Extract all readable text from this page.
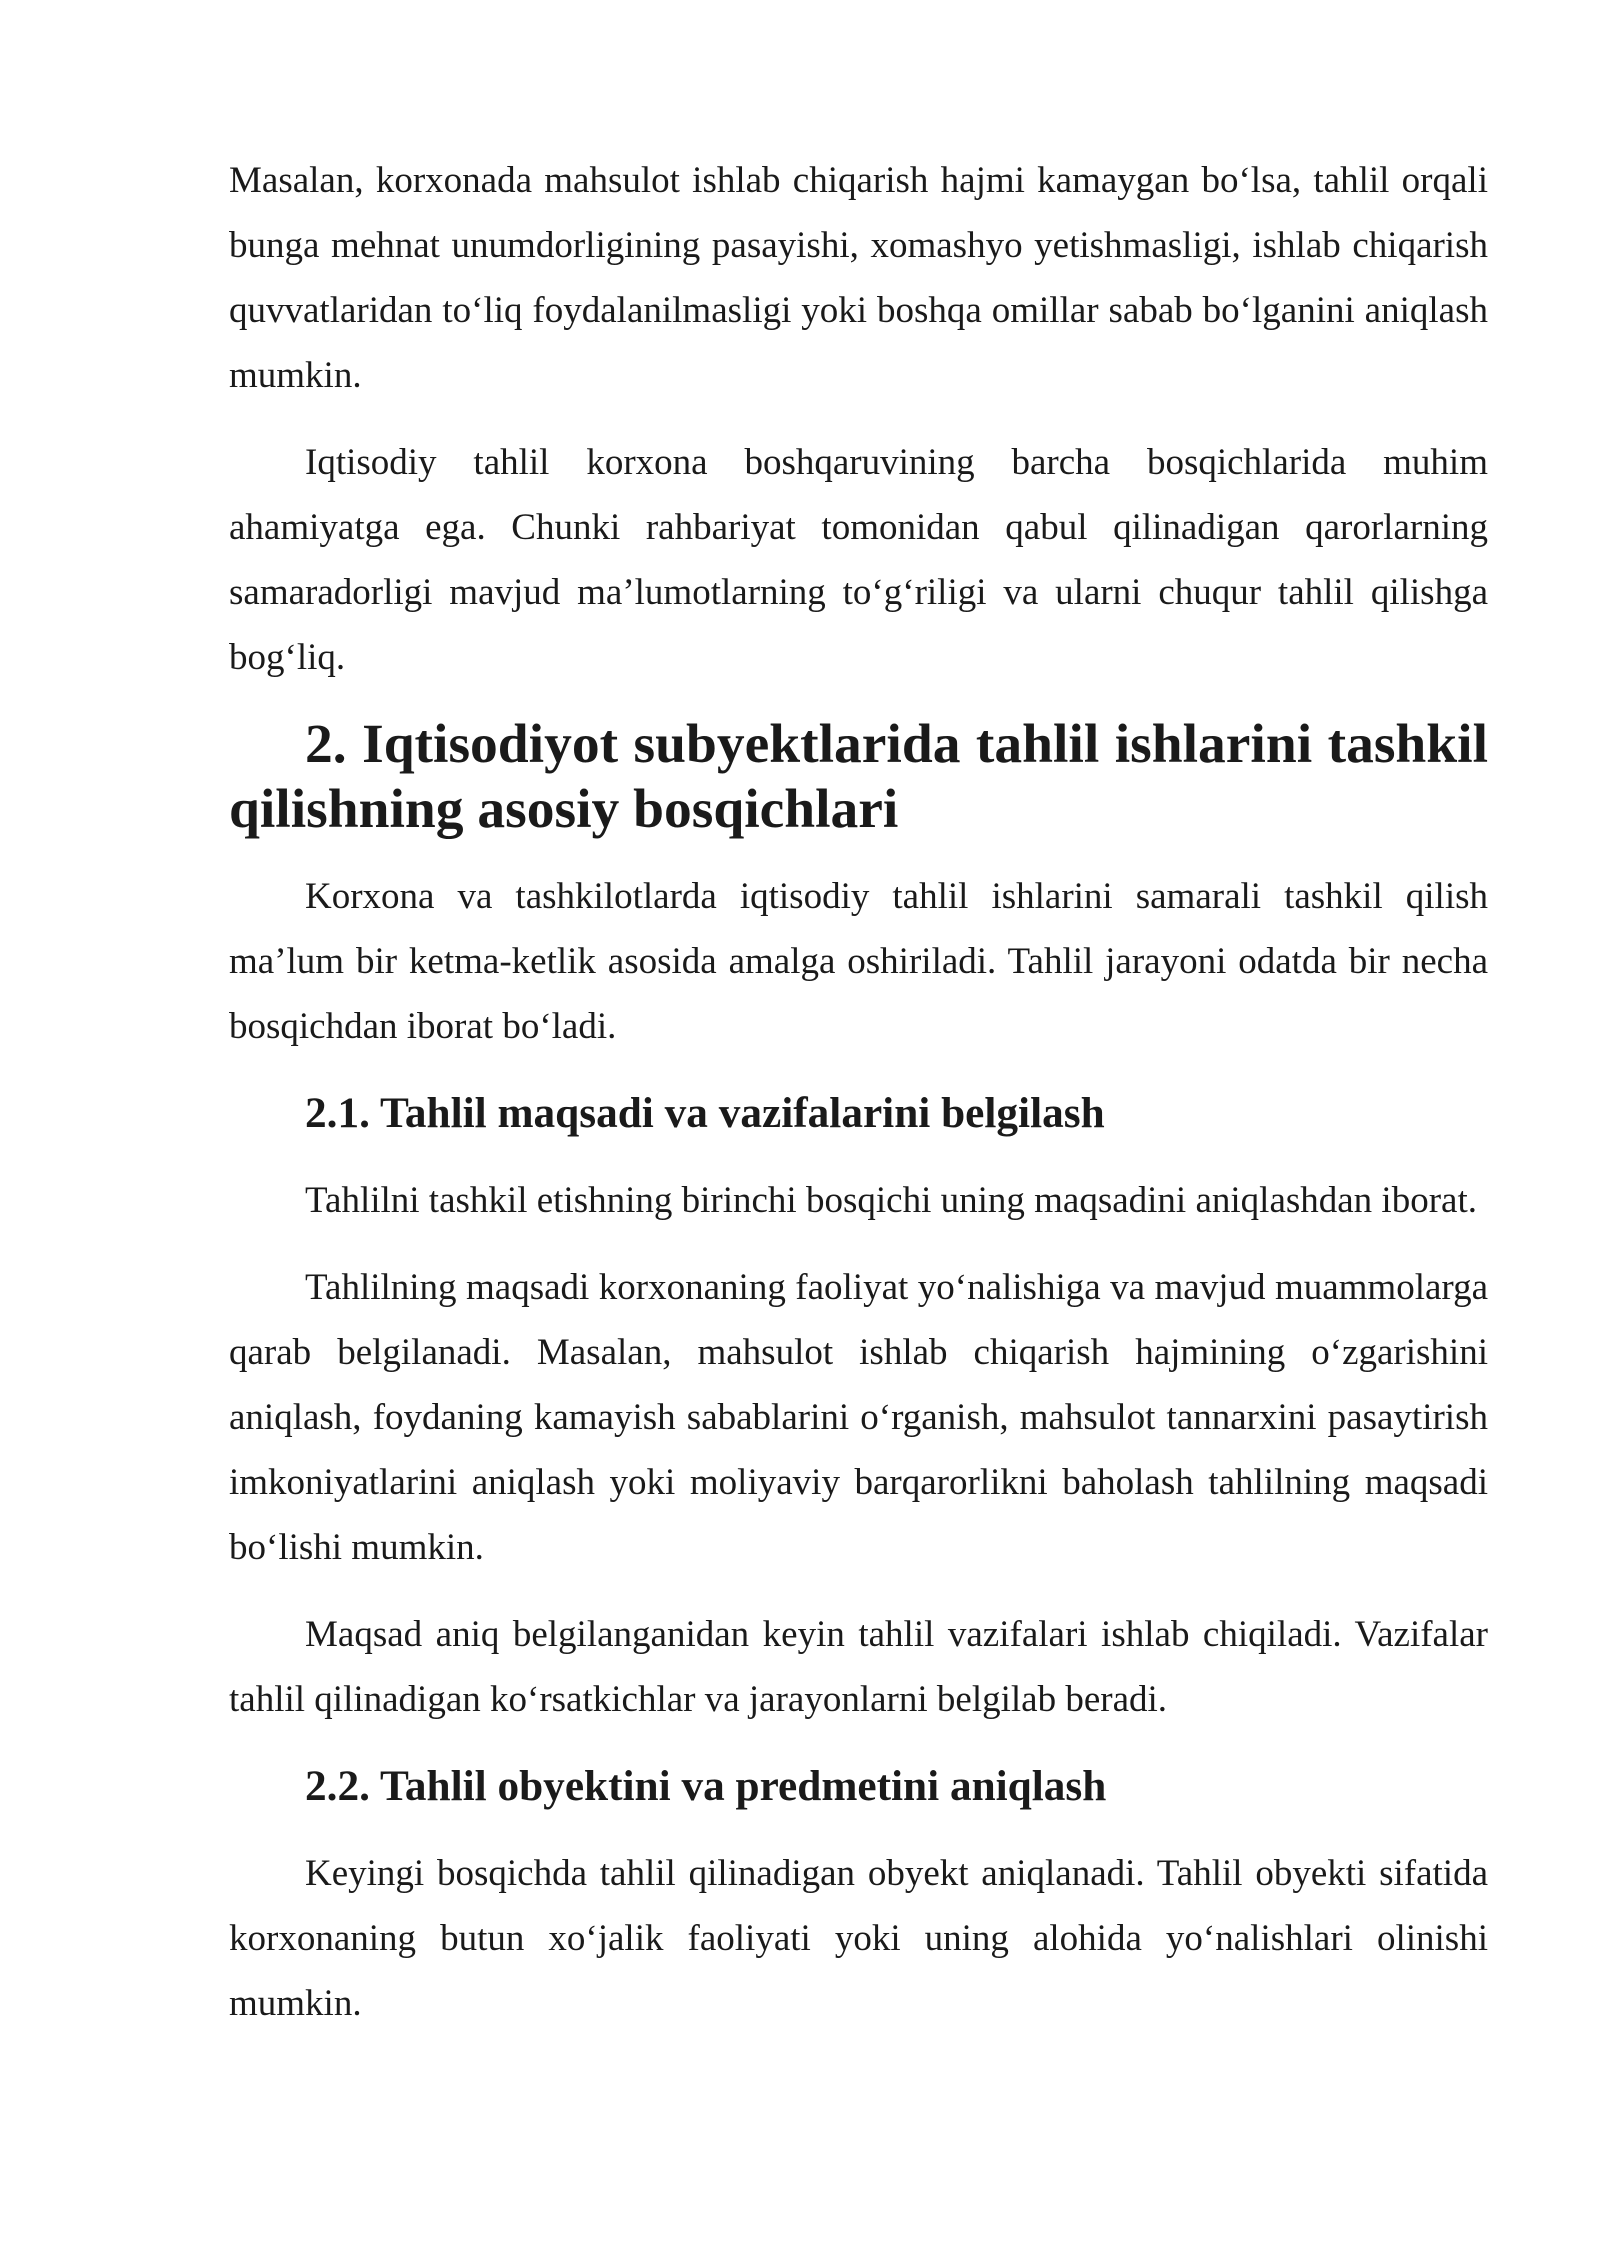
Masalan, korxonada mahsulot ishlab chiqarish hajmi kamaygan bo‘lsa, tahlil orqali bunga mehnat unumdorligining pasayishi, xomashyo yetishmasligi, ishlab chiqarish quvvatlaridan to‘liq foydalanilmasligi yoki boshqa omillar sabab bo‘lganini aniqlash mumkin.

Iqtisodiy tahlil korxona boshqaruvining barcha bosqichlarida muhim ahamiyatga ega. Chunki rahbariyat tomonidan qabul qilinadigan qarorlarning samaradorligi mavjud ma’lumotlarning to‘g‘riligi va ularni chuqur tahlil qilishga bog‘liq.

2. Iqtisodiyot subyektlarida tahlil ishlarini tashkil qilishning asosiy bosqichlari

Korxona va tashkilotlarda iqtisodiy tahlil ishlarini samarali tashkil qilish ma’lum bir ketma-ketlik asosida amalga oshiriladi. Tahlil jarayoni odatda bir necha bosqichdan iborat bo‘ladi.

2.1. Tahlil maqsadi va vazifalarini belgilash

Tahlilni tashkil etishning birinchi bosqichi uning maqsadini aniqlashdan iborat.

Tahlilning maqsadi korxonaning faoliyat yo‘nalishiga va mavjud muammolarga qarab belgilanadi. Masalan, mahsulot ishlab chiqarish hajmining o‘zgarishini aniqlash, foydaning kamayish sabablarini o‘rganish, mahsulot tannarxini pasaytirish imkoniyatlarini aniqlash yoki moliyaviy barqarorlikni baholash tahlilning maqsadi bo‘lishi mumkin.

Maqsad aniq belgilanganidan keyin tahlil vazifalari ishlab chiqiladi. Vazifalar tahlil qilinadigan ko‘rsatkichlar va jarayonlarni belgilab beradi.

2.2. Tahlil obyektini va predmetini aniqlash

Keyingi bosqichda tahlil qilinadigan obyekt aniqlanadi. Tahlil obyekti sifatida korxonaning butun xo‘jalik faoliyati yoki uning alohida yo‘nalishlari olinishi mumkin.
